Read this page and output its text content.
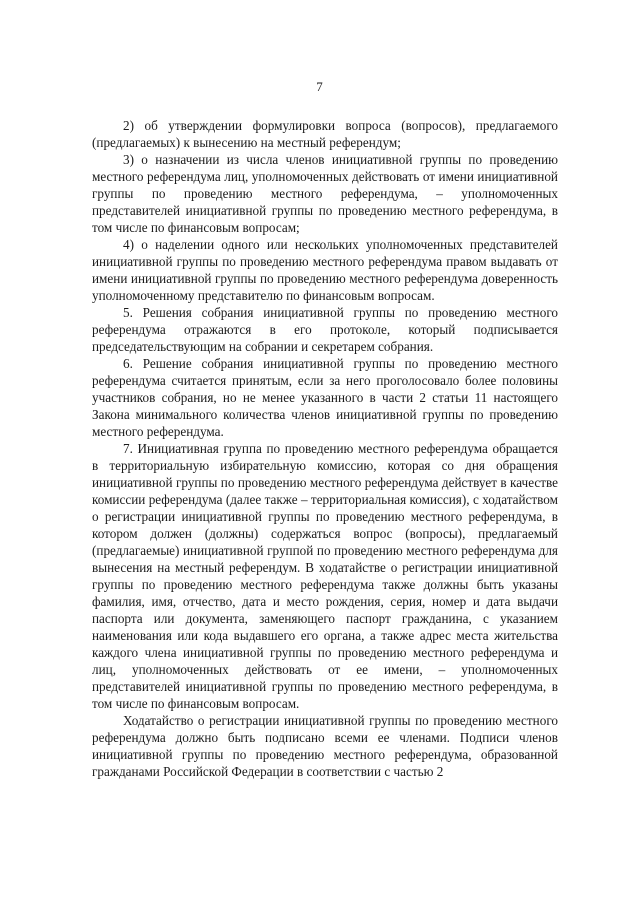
7

2) об утверждении формулировки вопроса (вопросов), предлагаемого (предлагаемых) к вынесению на местный референдум;

3) о назначении из числа членов инициативной группы по проведению местного референдума лиц, уполномоченных действовать от имени инициативной группы по проведению местного референдума, – уполномоченных представителей инициативной группы по проведению местного референдума, в том числе по финансовым вопросам;

4) о наделении одного или нескольких уполномоченных представителей инициативной группы по проведению местного референдума правом выдавать от имени инициативной группы по проведению местного референдума доверенность уполномоченному представителю по финансовым вопросам.

5. Решения собрания инициативной группы по проведению местного референдума отражаются в его протоколе, который подписывается председательствующим на собрании и секретарем собрания.

6. Решение собрания инициативной группы по проведению местного референдума считается принятым, если за него проголосовало более половины участников собрания, но не менее указанного в части 2 статьи 11 настоящего Закона минимального количества членов инициативной группы по проведению местного референдума.

7. Инициативная группа по проведению местного референдума обращается в территориальную избирательную комиссию, которая со дня обращения инициативной группы по проведению местного референдума действует в качестве комиссии референдума (далее также – территориальная комиссия), с ходатайством о регистрации инициативной группы по проведению местного референдума, в котором должен (должны) содержаться вопрос (вопросы), предлагаемый (предлагаемые) инициативной группой по проведению местного референдума для вынесения на местный референдум. В ходатайстве о регистрации инициативной группы по проведению местного референдума также должны быть указаны фамилия, имя, отчество, дата и место рождения, серия, номер и дата выдачи паспорта или документа, заменяющего паспорт гражданина, с указанием наименования или кода выдавшего его органа, а также адрес места жительства каждого члена инициативной группы по проведению местного референдума и лиц, уполномоченных действовать от ее имени, – уполномоченных представителей инициативной группы по проведению местного референдума, в том числе по финансовым вопросам.

Ходатайство о регистрации инициативной группы по проведению местного референдума должно быть подписано всеми ее членами. Подписи членов инициативной группы по проведению местного референдума, образованной гражданами Российской Федерации в соответствии с частью 2
